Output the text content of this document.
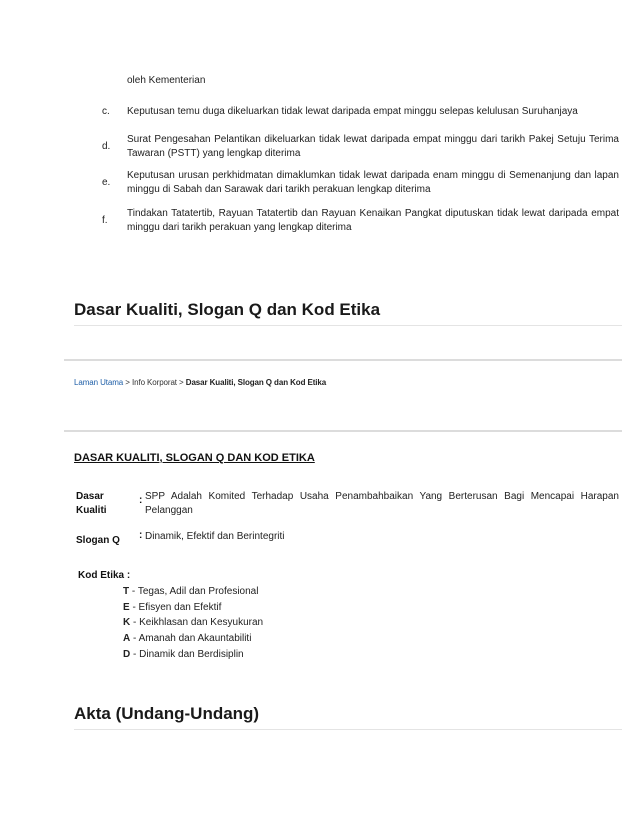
oleh Kementerian
c. Keputusan temu duga dikeluarkan tidak lewat daripada empat minggu selepas kelulusan Suruhanjaya
d.
Surat Pengesahan Pelantikan dikeluarkan tidak lewat daripada empat minggu dari tarikh Pakej Setuju Terima Tawaran (PSTT) yang lengkap diterima
e.
Keputusan urusan perkhidmatan dimaklumkan tidak lewat daripada enam minggu di Semenanjung dan lapan minggu di Sabah dan Sarawak dari tarikh perakuan lengkap diterima
f.
Tindakan Tatatertib, Rayuan Tatatertib dan Rayuan Kenaikan Pangkat diputuskan tidak lewat daripada empat minggu dari tarikh perakuan yang lengkap diterima
Dasar Kualiti, Slogan Q dan Kod Etika
Laman Utama > Info Korporat > Dasar Kualiti, Slogan Q dan Kod Etika
DASAR KUALITI, SLOGAN Q DAN KOD ETIKA
Dasar
Kualiti
: SPP Adalah Komited Terhadap Usaha Penambahbaikan Yang Berterusan Bagi Mencapai Harapan Pelanggan
Slogan Q : Dinamik, Efektif dan Berintegriti
Kod Etika :
T - Tegas, Adil dan Profesional
E - Efisyen dan Efektif
K - Keikhlasan dan Kesyukuran
A - Amanah dan Akauntabiliti
D - Dinamik dan Berdisiplin
Akta (Undang-Undang)
